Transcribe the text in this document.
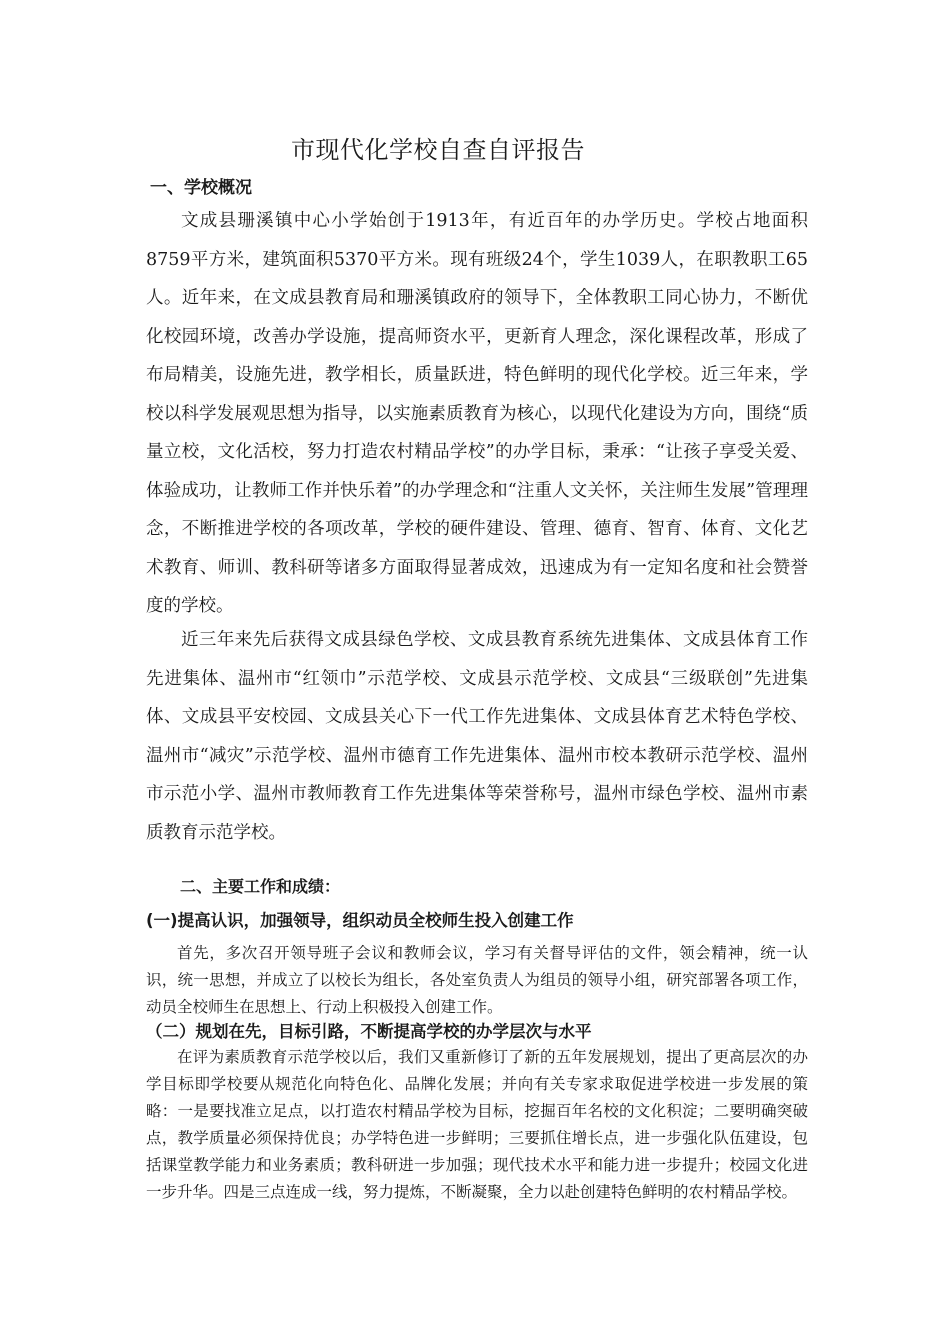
市现代化学校自查自评报告
一、学校概况
文成县珊溪镇中心小学始创于1913年，有近百年的办学历史。学校占地面积8759平方米，建筑面积5370平方米。现有班级24个，学生1039人，在职教职工65人。近年来，在文成县教育局和珊溪镇政府的领导下，全体教职工同心协力，不断优化校园环境，改善办学设施，提高师资水平，更新育人理念，深化课程改革，形成了布局精美，设施先进，教学相长，质量跃进，特色鲜明的现代化学校。近三年来，学校以科学发展观思想为指导，以实施素质教育为核心，以现代化建设为方向，围绕“质量立校，文化活校，努力打造农村精品学校”的办学目标，秉承：“让孩子享受关爱、体验成功，让教师工作并快乐着”的办学理念和“注重人文关怀，关注师生发展”管理理念，不断推进学校的各项改革，学校的硬件建设、管理、德育、智育、体育、文化艺术教育、师训、教科研等诸多方面取得显著成效，迅速成为有一定知名度和社会赞誉度的学校。
近三年来先后获得文成县绿色学校、文成县教育系统先进集体、文成县体育工作先进集体、温州市“红领巾”示范学校、文成县示范学校、文成县“三级联创”先进集体、文成县平安校园、文成县关心下一代工作先进集体、文成县体育艺术特色学校、温州市“减灾”示范学校、温州市德育工作先进集体、温州市校本教研示范学校、温州市示范小学、温州市教师教育工作先进集体等荣誉称号，温州市绿色学校、温州市素质教育示范学校。
二、主要工作和成绩：
(一)提高认识，加强领导，组织动员全校师生投入创建工作
首先，多次召开领导班子会议和教师会议，学习有关督导评估的文件，领会精神，统一认识，统一思想，并成立了以校长为组长，各处室负责人为组员的领导小组，研究部署各项工作，动员全校师生在思想上、行动上积极投入创建工作。
（二）规划在先，目标引路，不断提高学校的办学层次与水平
在评为素质教育示范学校以后，我们又重新修订了新的五年发展规划，提出了更高层次的办学目标即学校要从规范化向特色化、品牌化发展；并向有关专家求取促进学校进一步发展的策略：一是要找准立足点，以打造农村精品学校为目标，挖掘百年名校的文化积淀；二要明确突破点，教学质量必须保持优良；办学特色进一步鲜明；三要抓住增长点，进一步强化队伍建设，包括课堂教学能力和业务素质；教科研进一步加强；现代技术水平和能力进一步提升；校园文化进一步升华。四是三点连成一线，努力提炼，不断凝聚，全力以赴创建特色鲜明的农村精品学校。
